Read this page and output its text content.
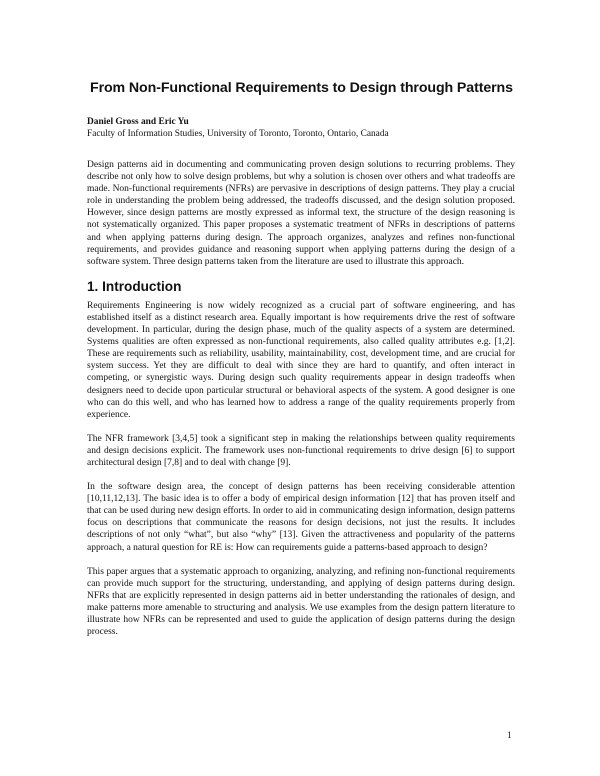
From Non-Functional Requirements to Design through Patterns

Daniel Gross and Eric Yu

Faculty of Information Studies, University of Toronto, Toronto, Ontario, Canada

Design patterns aid in documenting and communicating proven design solutions to recurring problems. They describe not only how to solve design problems, but why a solution is chosen over others and what tradeoffs are made. Non-functional requirements (NFRs) are pervasive in descriptions of design patterns. They play a crucial role in understanding the problem being addressed, the tradeoffs discussed, and the design solution proposed. However, since design patterns are mostly expressed as informal text, the structure of the design reasoning is not systematically organized. This paper proposes a systematic treatment of NFRs in descriptions of patterns and when applying patterns during design. The approach organizes, analyzes and refines non-functional requirements, and provides guidance and reasoning support when applying patterns during the design of a software system. Three design patterns taken from the literature are used to illustrate this approach.

1. Introduction

Requirements Engineering is now widely recognized as a crucial part of software engineering, and has established itself as a distinct research area. Equally important is how requirements drive the rest of software development. In particular, during the design phase, much of the quality aspects of a system are determined. Systems qualities are often expressed as non-functional requirements, also called quality attributes e.g. [1,2]. These are requirements such as reliability, usability, maintainability, cost, development time, and are crucial for system success. Yet they are difficult to deal with since they are hard to quantify, and often interact in competing, or synergistic ways. During design such quality requirements appear in design tradeoffs when designers need to decide upon particular structural or behavioral aspects of the system. A good designer is one who can do this well, and who has learned how to address a range of the quality requirements properly from experience.

The NFR framework [3,4,5] took a significant step in making the relationships between quality requirements and design decisions explicit. The framework uses non-functional requirements to drive design [6] to support architectural design [7,8] and to deal with change [9].

In the software design area, the concept of design patterns has been receiving considerable attention [10,11,12,13]. The basic idea is to offer a body of empirical design information [12] that has proven itself and that can be used during new design efforts. In order to aid in communicating design information, design patterns focus on descriptions that communicate the reasons for design decisions, not just the results. It includes descriptions of not only “what”, but also “why” [13]. Given the attractiveness and popularity of the patterns approach, a natural question for RE is: How can requirements guide a patterns-based approach to design?

This paper argues that a systematic approach to organizing, analyzing, and refining non-functional requirements can provide much support for the structuring, understanding, and applying of design patterns during design. NFRs that are explicitly represented in design patterns aid in better understanding the rationales of design, and make patterns more amenable to structuring and analysis. We use examples from the design pattern literature to illustrate how NFRs can be represented and used to guide the application of design patterns during the design process.

1
